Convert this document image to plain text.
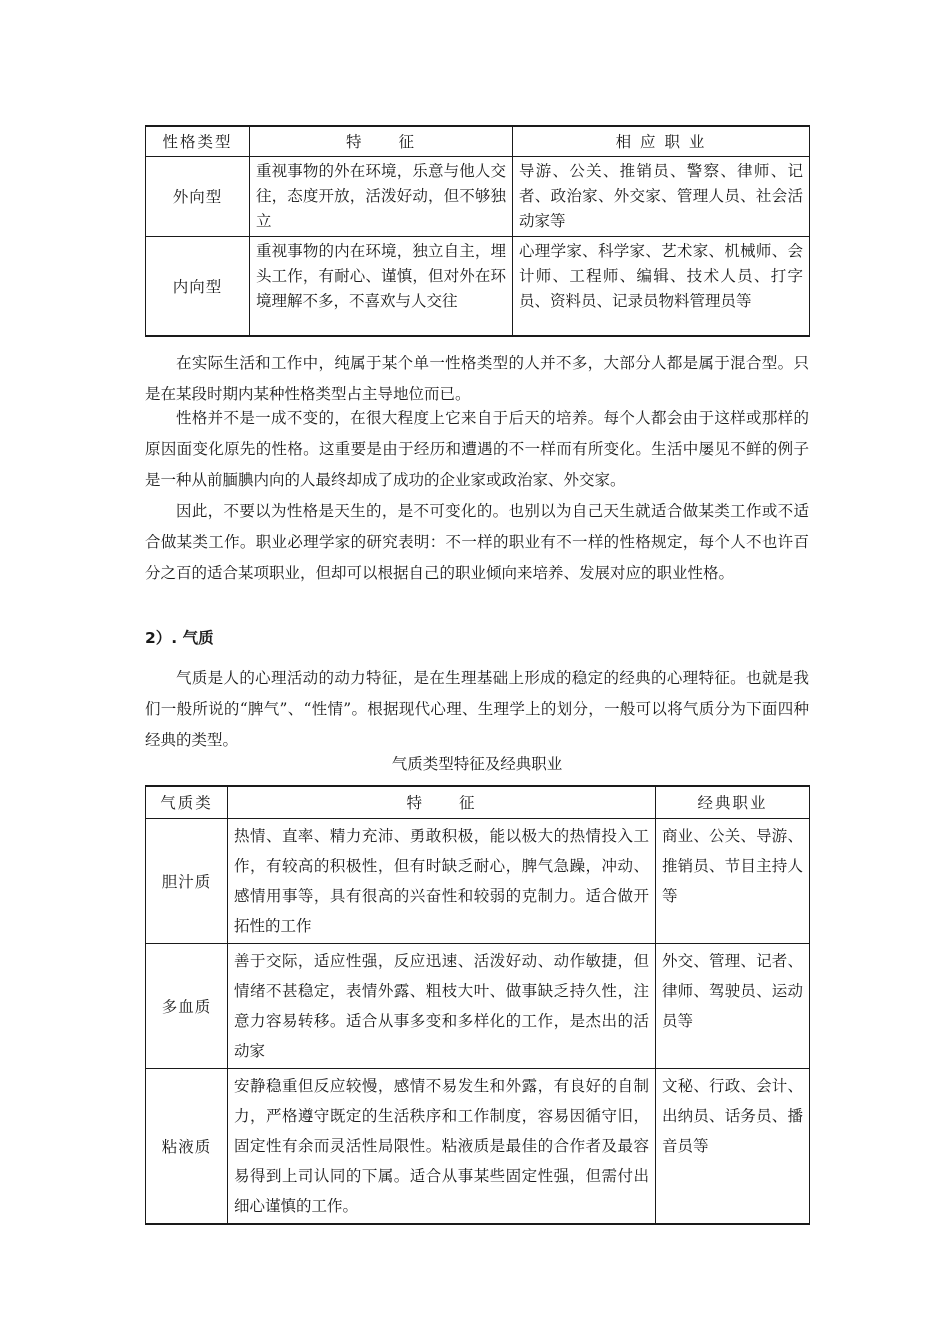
性格类型	特　　征	相 应 职 业
外向型	重视事物的外在环境，乐意与他人交往，态度开放，活泼好动，但不够独立	导游、公关、推销员、警察、律师、记者、政治家、外交家、管理人员、社会活动家等
内向型	重视事物的内在环境，独立自主，埋头工作，有耐心、谨慎，但对外在环境理解不多，不喜欢与人交往	心理学家、科学家、艺术家、机械师、会计师、工程师、编辑、技术人员、打字员、资料员、记录员物料管理员等

在实际生活和工作中，纯属于某个单一性格类型的人并不多，大部分人都是属于混合型。只是在某段时期内某种性格类型占主导地位而已。

性格并不是一成不变的，在很大程度上它来自于后天的培养。每个人都会由于这样或那样的原因面变化原先的性格。这重要是由于经历和遭遇的不一样而有所变化。生活中屡见不鲜的例子是一种从前腼腆内向的人最终却成了成功的企业家或政治家、外交家。

因此，不要以为性格是天生的，是不可变化的。也别以为自己天生就适合做某类工作或不适合做某类工作。职业必理学家的研究表明：不一样的职业有不一样的性格规定，每个人不也许百分之百的适合某项职业，但却可以根据自己的职业倾向来培养、发展对应的职业性格。

2）. 气质

气质是人的心理活动的动力特征，是在生理基础上形成的稳定的经典的心理特征。也就是我们一般所说的“脾气”、“性情”。根据现代心理、生理学上的划分，一般可以将气质分为下面四种经典的类型。

气质类型特征及经典职业

气质类	特　　征	经典职业
胆汁质	热情、直率、精力充沛、勇敢积极，能以极大的热情投入工作，有较高的积极性，但有时缺乏耐心，脾气急躁，冲动、感情用事等，具有很高的兴奋性和较弱的克制力。适合做开拓性的工作	商业、公关、导游、推销员、节目主持人等
多血质	善于交际，适应性强，反应迅速、活泼好动、动作敏捷，但情绪不甚稳定，表情外露、粗枝大叶、做事缺乏持久性，注意力容易转移。适合从事多变和多样化的工作，是杰出的活动家	外交、管理、记者、律师、驾驶员、运动员等
粘液质	安静稳重但反应较慢，感情不易发生和外露，有良好的自制力，严格遵守既定的生活秩序和工作制度，容易因循守旧，固定性有余而灵活性局限性。粘液质是最佳的合作者及最容易得到上司认同的下属。适合从事某些固定性强，但需付出细心谨慎的工作。	文秘、行政、会计、出纳员、话务员、播音员等
